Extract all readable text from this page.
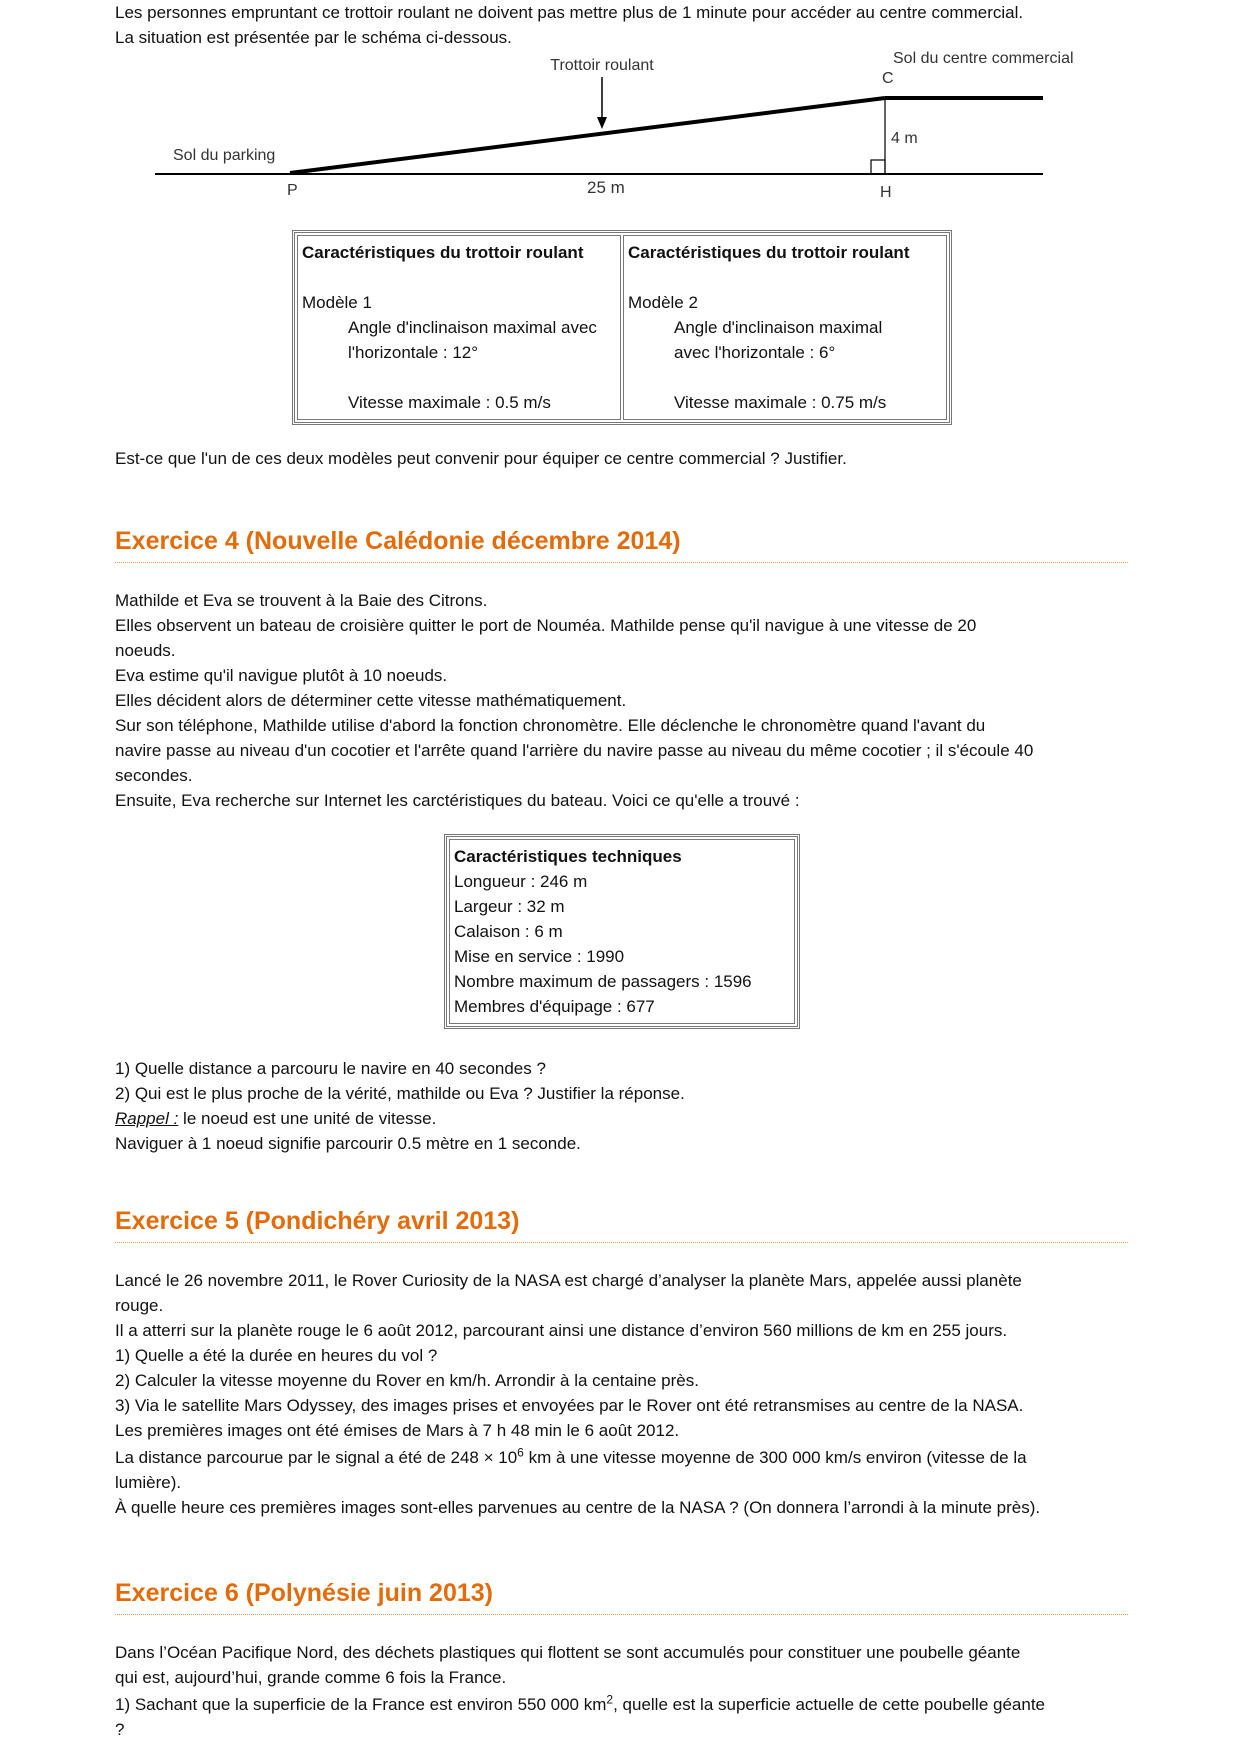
Les personnes empruntant ce trottoir roulant ne doivent pas mettre plus de 1 minute pour accéder au centre commercial.

La situation est présentée par le schéma ci-dessous.

Trottoir roulant	Sol du centre commercial
C
4 m
Sol du parking
P	25 m	H

Caractéristiques du trottoir roulant

Modèle 1

Angle d'inclinaison maximal avec

l'horizontale : 12°

Vitesse maximale : 0.5 m/s

Caractéristiques du trottoir roulant

Modèle 2

Angle d'inclinaison maximal

avec l'horizontale : 6°

Vitesse maximale : 0.75 m/s

Est-ce que l'un de ces deux modèles peut convenir pour équiper ce centre commercial ? Justifier.

Exercice 4 (Nouvelle Calédonie décembre 2014)

Mathilde et Eva se trouvent à la Baie des Citrons.

Elles observent un bateau de croisière quitter le port de Nouméa. Mathilde pense qu'il navigue à une vitesse de 20

noeuds.

Eva estime qu'il navigue plutôt à 10 noeuds.

Elles décident alors de déterminer cette vitesse mathématiquement.

Sur son téléphone, Mathilde utilise d'abord la fonction chronomètre. Elle déclenche le chronomètre quand l'avant du

navire passe au niveau d'un cocotier et l'arrête quand l'arrière du navire passe au niveau du même cocotier ; il s'écoule 40

secondes.

Ensuite, Eva recherche sur Internet les carctéristiques du bateau. Voici ce qu'elle a trouvé :

Caractéristiques techniques

Longueur : 246 m

Largeur : 32 m

Calaison : 6 m

Mise en service : 1990

Nombre maximum de passagers : 1596

Membres d'équipage : 677

1) Quelle distance a parcouru le navire en 40 secondes ?

2) Qui est le plus proche de la vérité, mathilde ou Eva ? Justifier la réponse.

Rappel : le noeud est une unité de vitesse.

Naviguer à 1 noeud signifie parcourir 0.5 mètre en 1 seconde.

Exercice 5 (Pondichéry avril 2013)

Lancé le 26 novembre 2011, le Rover Curiosity de la NASA est chargé d’analyser la planète Mars, appelée aussi planète

rouge.

Il a atterri sur la planète rouge le 6 août 2012, parcourant ainsi une distance d’environ 560 millions de km en 255 jours.

1) Quelle a été la durée en heures du vol ?

2) Calculer la vitesse moyenne du Rover en km/h. Arrondir à la centaine près.

3) Via le satellite Mars Odyssey, des images prises et envoyées par le Rover ont été retransmises au centre de la NASA.

Les premières images ont été émises de Mars à 7 h 48 min le 6 août 2012.

La distance parcourue par le signal a été de $248 \times 10^6$ km à une vitesse moyenne de 300 000 km/s environ (vitesse de la

lumière).

À quelle heure ces premières images sont-elles parvenues au centre de la NASA ? (On donnera l’arrondi à la minute près).

Exercice 6 (Polynésie juin 2013)

Dans l’Océan Pacifique Nord, des déchets plastiques qui flottent se sont accumulés pour constituer une poubelle géante

qui est, aujourd’hui, grande comme 6 fois la France.

1) Sachant que la superficie de la France est environ 550 000 $km^2$, quelle est la superficie actuelle de cette poubelle géante

?
